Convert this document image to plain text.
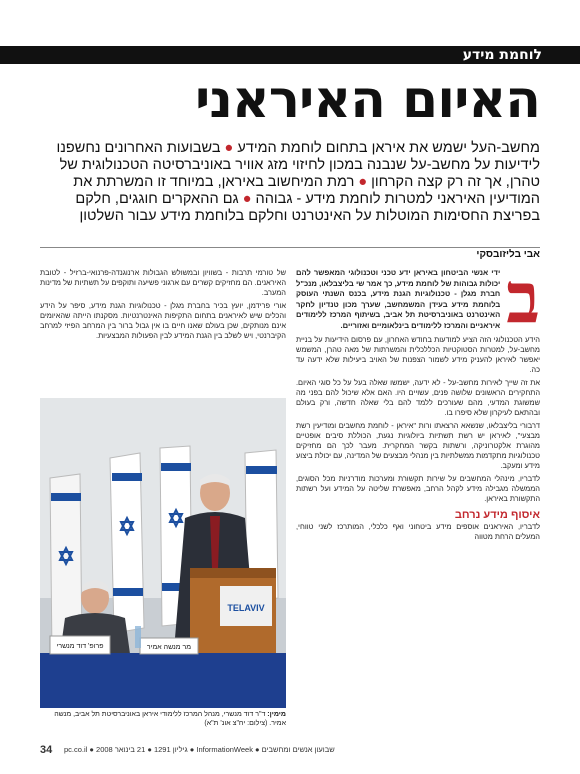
לוחמת מידע
האיום האיראני
מחשב-העל ישמש את איראן בתחום לוחמת המידע ● בשבועות האחרונים נחשפנו לידיעות על מחשב-על שנבנה במכון לחיזוי מזג אוויר באוניברסיטה הטכנולוגית של טהרן, אך זה רק קצה הקרחון ● רמת המיחשוב באיראן, במיוחד זו המשרתת את המודיעין האיראני למטרות לוחמת מידע - גבוהה ● גם ההאקרים חוגגים, חלקם בפריצת החסימות המוטלות על האינטרנט וחלקם בלוחמת מידע עבור השלטון
אבי בליזובסקי
ב

ידי אנשי הביטחון באיראן ידע טכני וטכנולוגי המאפשר להם יכולות גבוהות של לוחמת מידע, כך אמר שי בליצבלאו, מנכ"ל חברת מגלן - טכנולוגיות הגנת מידע, בכנס השנתי העוסק בלוחמת מידע בעידן המשמחשב, שערך מכון טנדיון לחקר האינטרנט באוניברסיטת תל אביב, בשיתוף המרכז ללימודים איראניים והמרכז ללימודים בינלאומיים ואזוריים.

הידע הטכנולוגי הזה הציע למודעות בחודש האחרון, עם פרסום הידיעות על בניית מחשב-על, למטרות הסטוקטיות הכללכלית והמשרתות של מאה טהרן, המשמש יאפשר לאיראן להעניק מידע לשמור הצפנות של האויב ביעילות שלא ידעה עד כה.

את זה שייך לאירות מחשב-על - לא ידעה, ישמשו שאלה בעל על כל סוגי האיום. התחקירים הראשונים שלושה פנים, עשויים היו. האם אלא שיכול להם בפני מה שמשוגת המדעי, מהם שעורכים ללמד להם בלי שאלה חדשה, ורק בעולם ובהתאם לעיקרון שלא סיפרו בו.

דרבורי בליצבלאו, שנשאא הרצאתו ורות "איראן - לוחמת מחשבים ומודיעין רשת מבצעי", לאיראן יש רשת תשתיות ביולוגיות נגעת, הכוללת סיבים אופטיים מהוגרת אלקטרוניקה, ורשתות בקשר המחקרית. מעבר לכך הם מחזיקים טכנולוגיות מתקדמות ממשלתיות בין מנהלי מבצעים של המדינה, עם יכולת ביצוע מידע ומעקב.

לדבריו, מינהלי המחשבים על שירות תקשורת ומערכות מודרניות מכל הסוגים, הממשלה מגבילה מידע לקהל הרחב, מאפשרת שליטה על המידע ועל רשתות התקשורת באיראן.

איסוף מידע נרחב

לדבריו, האיראנים אוספים מידע ביטחוני ואף כלכלי, המותרכז לשני טווחי, המעלים הרחת מטווה

של טורמי תרבות - בשוויון ובמשולש הגבולות ארנוגנדה-פרנואי-ברזיל - לטובת האיראנים. הם מחזיקים קשרים עם ארגוני פשיעה ותוקפים על תשתיות של מדינות המערב.

אורי פרידמן, יועץ בכיר בחברת מגלן - טכנולוגיות הגנת מידע, סיפר על הידע והכלים שיש לאיראנים בתחום התקיפות האינטרנטיות. מסקנתו הייתה שהאיומים אינם מנותקים, שכן בעולם שאנו חיים בו אין גבול ברור בין המרחב הפיזי למרחב הקיברנטי, ויש לשלב בין הגנת המידע לבין הפעולות המבצעיות.

TELAVIV
פרופ' דוד מנשרי	מר מנשה אמיר
מימין: ד"ר דוד מנשרי, מנהל המרכז ללימודי איראן באוניברסיטת תל אביב, מנשה אמיר. (צילום: יח"צ אונ' ת"א)
34 שבועון אנשים ומחשבים ● InformationWeek ● גיליון 1291 ● 21 בינואר 2008 ● pc.co.il
